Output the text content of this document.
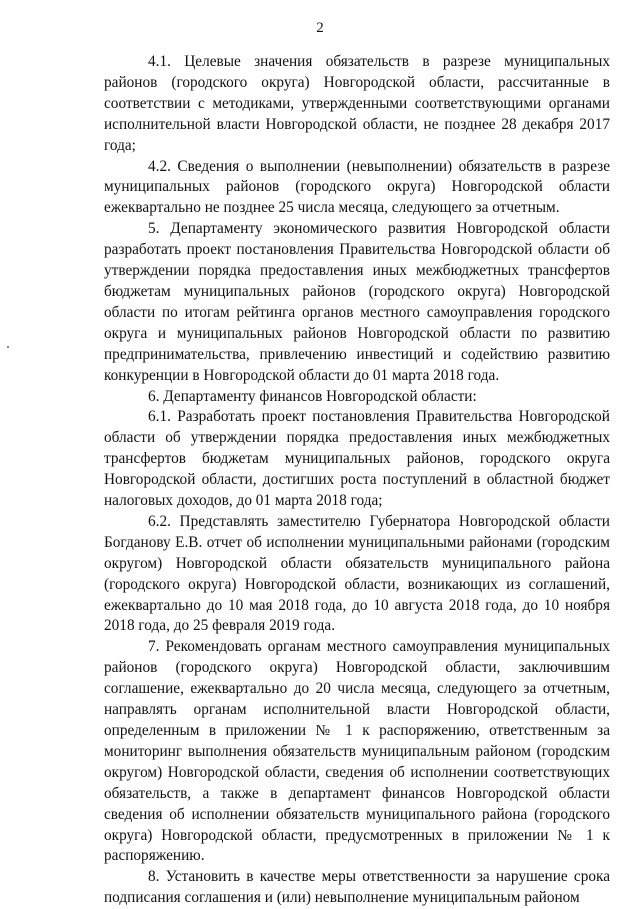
2

4.1. Целевые значения обязательств в разрезе муниципальных районов (городского округа) Новгородской области, рассчитанные в соответствии с методиками, утвержденными соответствующими органами исполнительной власти Новгородской области, не позднее 28 декабря 2017 года;

4.2. Сведения о выполнении (невыполнении) обязательств в разрезе муниципальных районов (городского округа) Новгородской области ежеквартально не позднее 25 числа месяца, следующего за отчетным.

5. Департаменту экономического развития Новгородской области разработать проект постановления Правительства Новгородской области об утверждении порядка предоставления иных межбюджетных трансфертов бюджетам муниципальных районов (городского округа) Новгородской области по итогам рейтинга органов местного самоуправления городского округа и муниципальных районов Новгородской области по развитию предпринимательства, привлечению инвестиций и содействию развитию конкуренции в Новгородской области до 01 марта 2018 года.

6. Департаменту финансов Новгородской области:

6.1. Разработать проект постановления Правительства Новгородской области об утверждении порядка предоставления иных межбюджетных трансфертов бюджетам муниципальных районов, городского округа Новгородской области, достигших роста поступлений в областной бюджет налоговых доходов, до 01 марта 2018 года;

6.2. Представлять заместителю Губернатора Новгородской области Богданову Е.В. отчет об исполнении муниципальными районами (городским округом) Новгородской области обязательств муниципального района (городского округа) Новгородской области, возникающих из соглашений, ежеквартально до 10 мая 2018 года, до 10 августа 2018 года, до 10 ноября 2018 года, до 25 февраля 2019 года.

7. Рекомендовать органам местного самоуправления муниципальных районов (городского округа) Новгородской области, заключившим соглашение, ежеквартально до 20 числа месяца, следующего за отчетным, направлять органам исполнительной власти Новгородской области, определенным в приложении № 1 к распоряжению, ответственным за мониторинг выполнения обязательств муниципальным районом (городским округом) Новгородской области, сведения об исполнении соответствующих обязательств, а также в департамент финансов Новгородской области сведения об исполнении обязательств муниципального района (городского округа) Новгородской области, предусмотренных в приложении № 1 к распоряжению.

8. Установить в качестве меры ответственности за нарушение срока подписания соглашения и (или) невыполнение муниципальным районом
